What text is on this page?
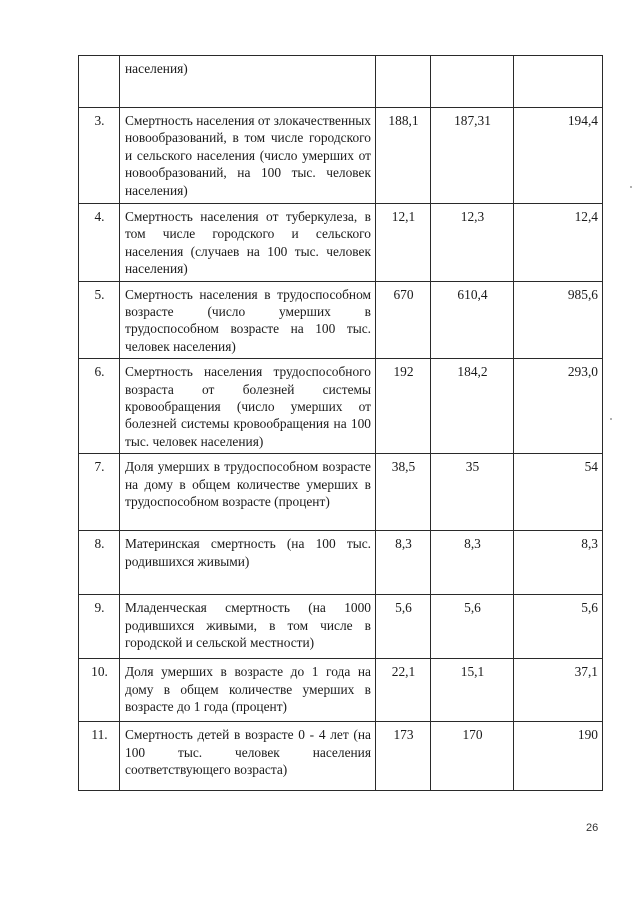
	населения)			
3.	Смертность населения от злокачественных новообразований, в том числе городского и сельского населения (число умерших от новообразований, на 100 тыс. человек населения)	188,1	187,31	194,4
4.	Смертность населения от туберкулеза, в том числе городского и сельского населения (случаев на 100 тыс. человек населения)	12,1	12,3	12,4
5.	Смертность населения в трудоспособном возрасте (число умерших в трудоспособном возрасте на 100 тыс. человек населения)	670	610,4	985,6
6.	Смертность населения трудоспособного возраста от болезней системы кровообращения (число умерших от болезней системы кровообращения на 100 тыс. человек населения)	192	184,2	293,0
7.	Доля умерших в трудоспособном возрасте на дому в общем количестве умерших в трудоспособном возрасте (процент)	38,5	35	54
8.	Материнская смертность (на 100 тыс. родившихся живыми)	8,3	8,3	8,3
9.	Младенческая смертность (на 1000 родившихся живыми, в том числе в городской и сельской местности)	5,6	5,6	5,6
10.	Доля умерших в возрасте до 1 года на дому в общем количестве умерших в возрасте до 1 года (процент)	22,1	15,1	37,1
11.	Смертность детей в возрасте 0 - 4 лет (на 100 тыс. человек населения соответствующего возраста)	173	170	190
26
